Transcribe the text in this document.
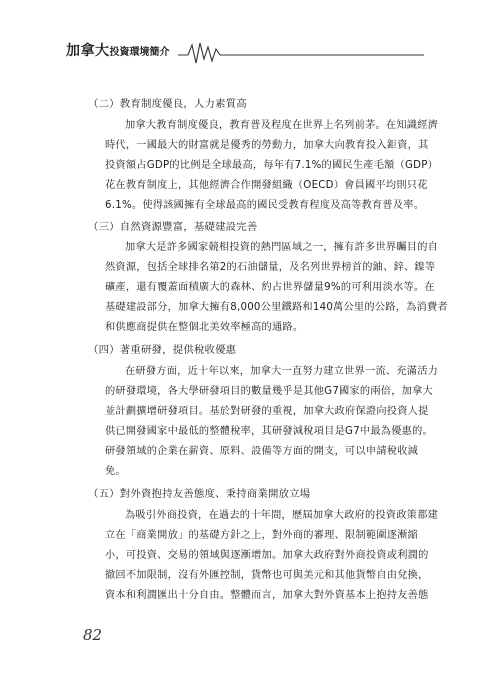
加拿大投資環境簡介
（二）教育制度優良，人力素質高
加拿大教育制度優良，教育普及程度在世界上名列前茅。在知識經濟
時代，一國最大的財富就是優秀的勞動力，加拿大向教育投入鉅資，其
投資額占GDP的比例是全球最高，每年有7.1%的國民生產毛額（GDP）
花在教育制度上，其他經濟合作開發組織（OECD）會員國平均則只花
6.1%。使得該國擁有全球最高的國民受教育程度及高等教育普及率。
（三）自然資源豐富，基礎建設完善
加拿大是許多國家競相投資的熱門區域之一，擁有許多世界矚目的自
然資源，包括全球排名第2的石油儲量，及名列世界榜首的鈾、鋅、鎳等
礦產，還有覆蓋面積廣大的森林、約占世界儲量9%的可利用淡水等。在
基礎建設部分，加拿大擁有8,000公里鐵路和140萬公里的公路，為消費者
和供應商提供在整個北美效率極高的通路。
（四）著重研發，提供稅收優惠
在研發方面，近十年以來，加拿大一直努力建立世界一流、充滿活力
的研發環境，各大學研發項目的數量幾乎是其他G7國家的兩倍，加拿大
並計劃擴增研發項目。基於對研發的重視，加拿大政府保證向投資人提
供已開發國家中最低的整體稅率，其研發減稅項目是G7中最為優惠的。
研發領域的企業在薪資、原料、設備等方面的開支，可以申請稅收減
免。
（五）對外資抱持友善態度、秉持商業開放立場
為吸引外商投資，在過去的十年間，歷屆加拿大政府的投資政策都建
立在「商業開放」的基礎方針之上，對外商的審理、限制範圍逐漸縮
小，可投資、交易的領域與逐漸增加。加拿大政府對外商投資或利潤的
撤回不加限制，沒有外匯控制，貨幣也可與美元和其他貨幣自由兌換，
資本和利潤匯出十分自由。整體而言，加拿大對外資基本上抱持友善態
82
